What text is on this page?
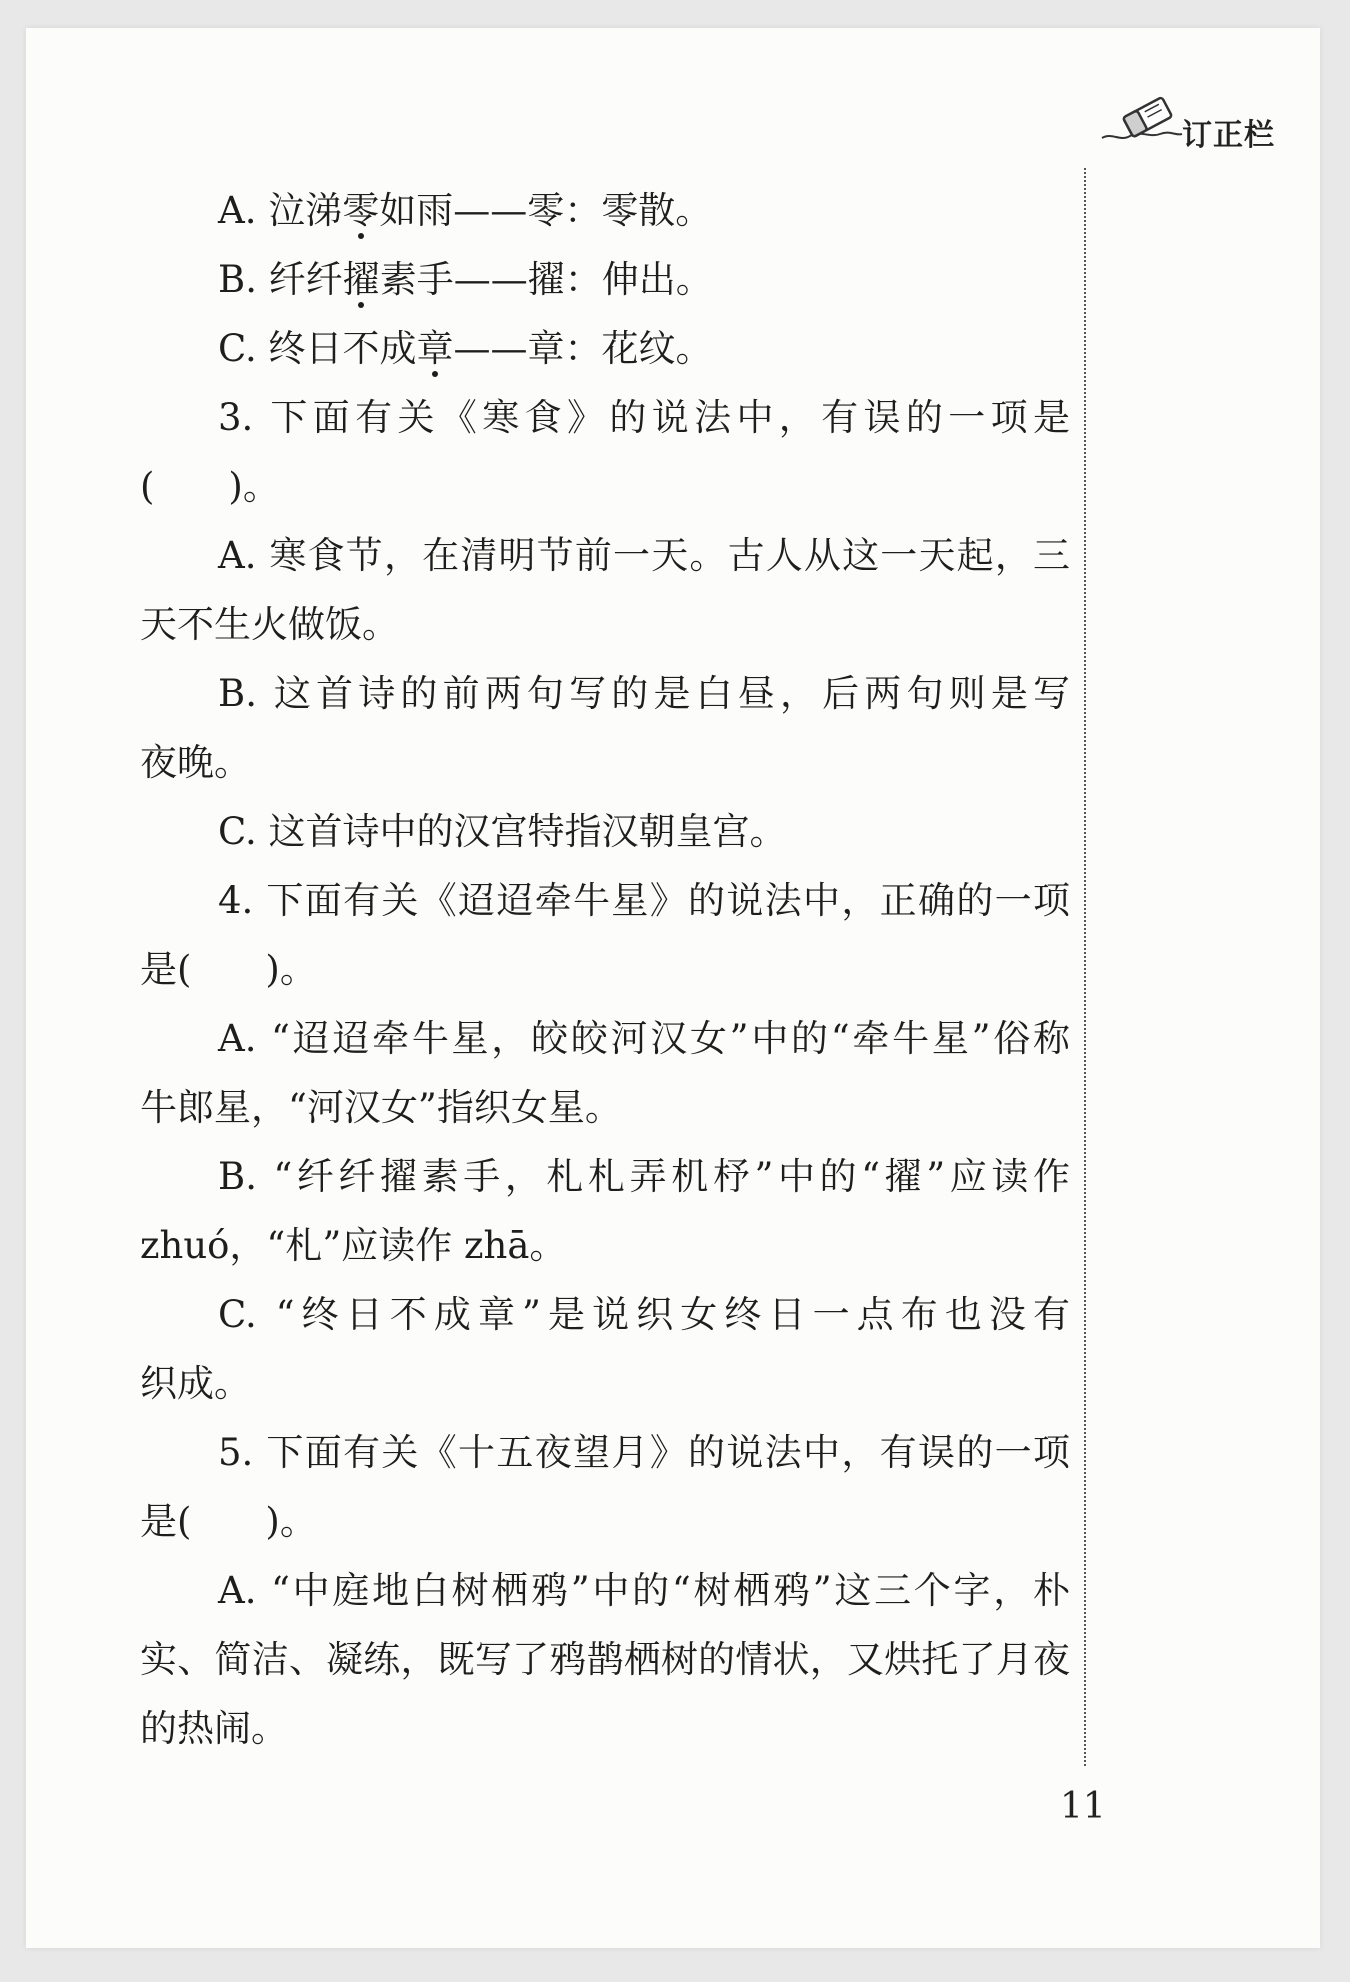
订正栏
A. 泣涕零如雨——零：零散。
B. 纤纤擢素手——擢：伸出。
C. 终日不成章——章：花纹。
3. 下面有关《寒食》的说法中，有误的一项是
(　　)。
A. 寒食节，在清明节前一天。古人从这一天起，三
天不生火做饭。
B. 这首诗的前两句写的是白昼，后两句则是写
夜晚。
C. 这首诗中的汉宫特指汉朝皇宫。
4. 下面有关《迢迢牵牛星》的说法中，正确的一项
是(　　)。
A. “迢迢牵牛星，皎皎河汉女”中的“牵牛星”俗称
牛郎星，“河汉女”指织女星。
B. “纤纤擢素手，札札弄机杼”中的“擢”应读作
zhuó，“札”应读作 zhā。
C. “终日不成章”是说织女终日一点布也没有
织成。
5. 下面有关《十五夜望月》的说法中，有误的一项
是(　　)。
A. “中庭地白树栖鸦”中的“树栖鸦”这三个字，朴
实、简洁、凝练，既写了鸦鹊栖树的情状，又烘托了月夜
的热闹。
11
